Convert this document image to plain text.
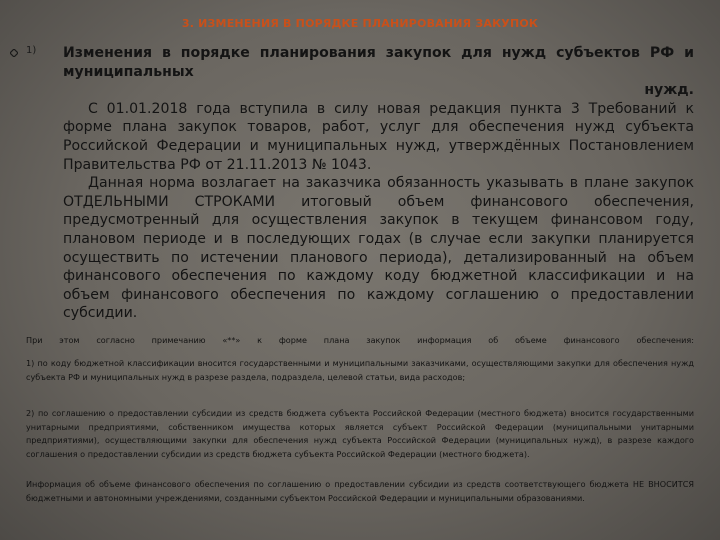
3. ИЗМЕНЕНИЯ В ПОРЯДКЕ ПЛАНИРОВАНИЯ ЗАКУПОК
1) Изменения в порядке планирования закупок для нужд субъектов РФ и муниципальных

нужд.

С 01.01.2018 года вступила в силу новая редакция пункта 3 Требований к форме плана закупок товаров, работ, услуг для обеспечения нужд субъекта Российской Федерации и муниципальных нужд, утверждённых Постановлением Правительства РФ от 21.11.2013 № 1043.

Данная норма возлагает на заказчика обязанность указывать в плане закупок ОТДЕЛЬНЫМИ СТРОКАМИ итоговый объем финансового обеспечения, предусмотренный для осуществления закупок в текущем финансовом году, плановом периоде и в последующих годах (в случае если закупки планируется осуществить по истечении планового периода), детализированный на объем финансового обеспечения по каждому коду бюджетной классификации и на объем финансового обеспечения по каждому соглашению о предоставлении субсидии.

При этом согласно примечанию «**» к форме плана закупок информация об объеме финансового обеспечения:
1) по коду бюджетной классификации вносится государственными и муниципальными заказчиками, осуществляющими закупки для обеспечения нужд субъекта РФ и муниципальных нужд в разрезе раздела, подраздела, целевой статьи, вида расходов;
2) по соглашению о предоставлении субсидии из средств бюджета субъекта Российской Федерации (местного бюджета) вносится государственными унитарными предприятиями, собственником имущества которых является субъект Российской Федерации (муниципальными унитарными предприятиями), осуществляющими закупки для обеспечения нужд субъекта Российской Федерации (муниципальных нужд), в разрезе каждого соглашения о предоставлении субсидии из средств бюджета субъекта Российской Федерации (местного бюджета).
Информация об объеме финансового обеспечения по соглашению о предоставлении субсидии из средств соответствующего бюджета НЕ ВНОСИТСЯ бюджетными и автономными учреждениями, созданными субъектом Российской Федерации и муниципальными образованиями.
